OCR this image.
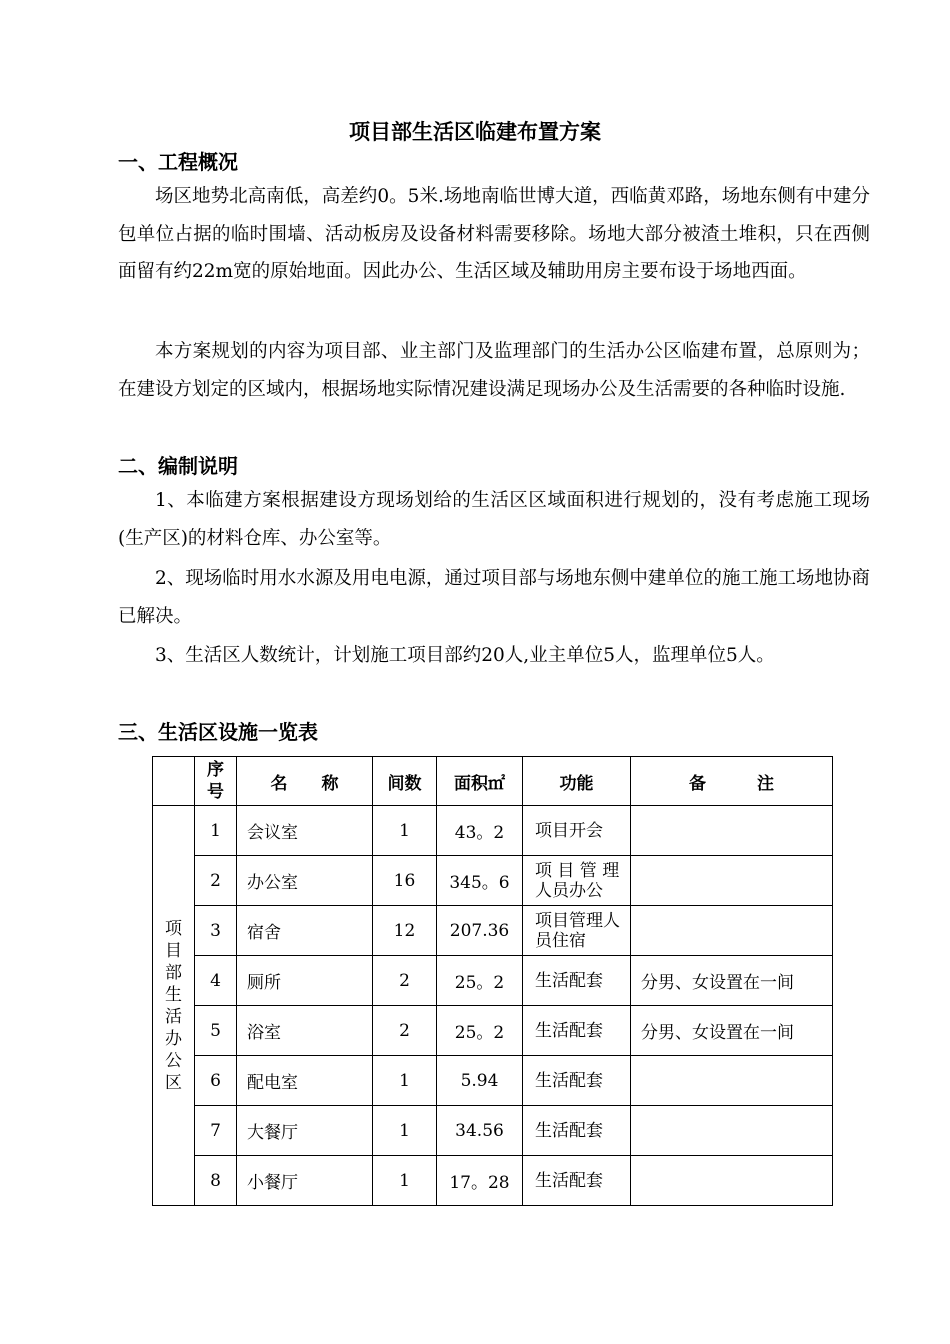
项目部生活区临建布置方案
一、工程概况
场区地势北高南低，高差约0。5米.场地南临世博大道，西临黄邓路，场地东侧有中建分包单位占据的临时围墙、活动板房及设备材料需要移除。场地大部分被渣土堆积，只在西侧面留有约22m宽的原始地面。因此办公、生活区域及辅助用房主要布设于场地西面。
本方案规划的内容为项目部、业主部门及监理部门的生活办公区临建布置，总原则为；在建设方划定的区域内，根据场地实际情况建设满足现场办公及生活需要的各种临时设施.
二、编制说明
1、本临建方案根据建设方现场划给的生活区区域面积进行规划的，没有考虑施工现场(生产区)的材料仓库、办公室等。
2、现场临时用水水源及用电电源，通过项目部与场地东侧中建单位的施工施工场地协商已解决。
3、生活区人数统计，计划施工项目部约20人,业主单位5人，监理单位5人。
三、生活区设施一览表
	序号	名　　称	间数	面积㎡	功能	备　　　注
项目部生活办公区	1	会议室	1	43。2	项目开会	
	2	办公室	16	345。6	项 目 管 理人员办公	
	3	宿舍	12	207.36	项目管理人员住宿	
	4	厕所	2	25。2	生活配套	分男、女设置在一间
	5	浴室	2	25。2	生活配套	分男、女设置在一间
	6	配电室	1	5.94	生活配套	
	7	大餐厅	1	34.56	生活配套	
	8	小餐厅	1	17。28	生活配套	
